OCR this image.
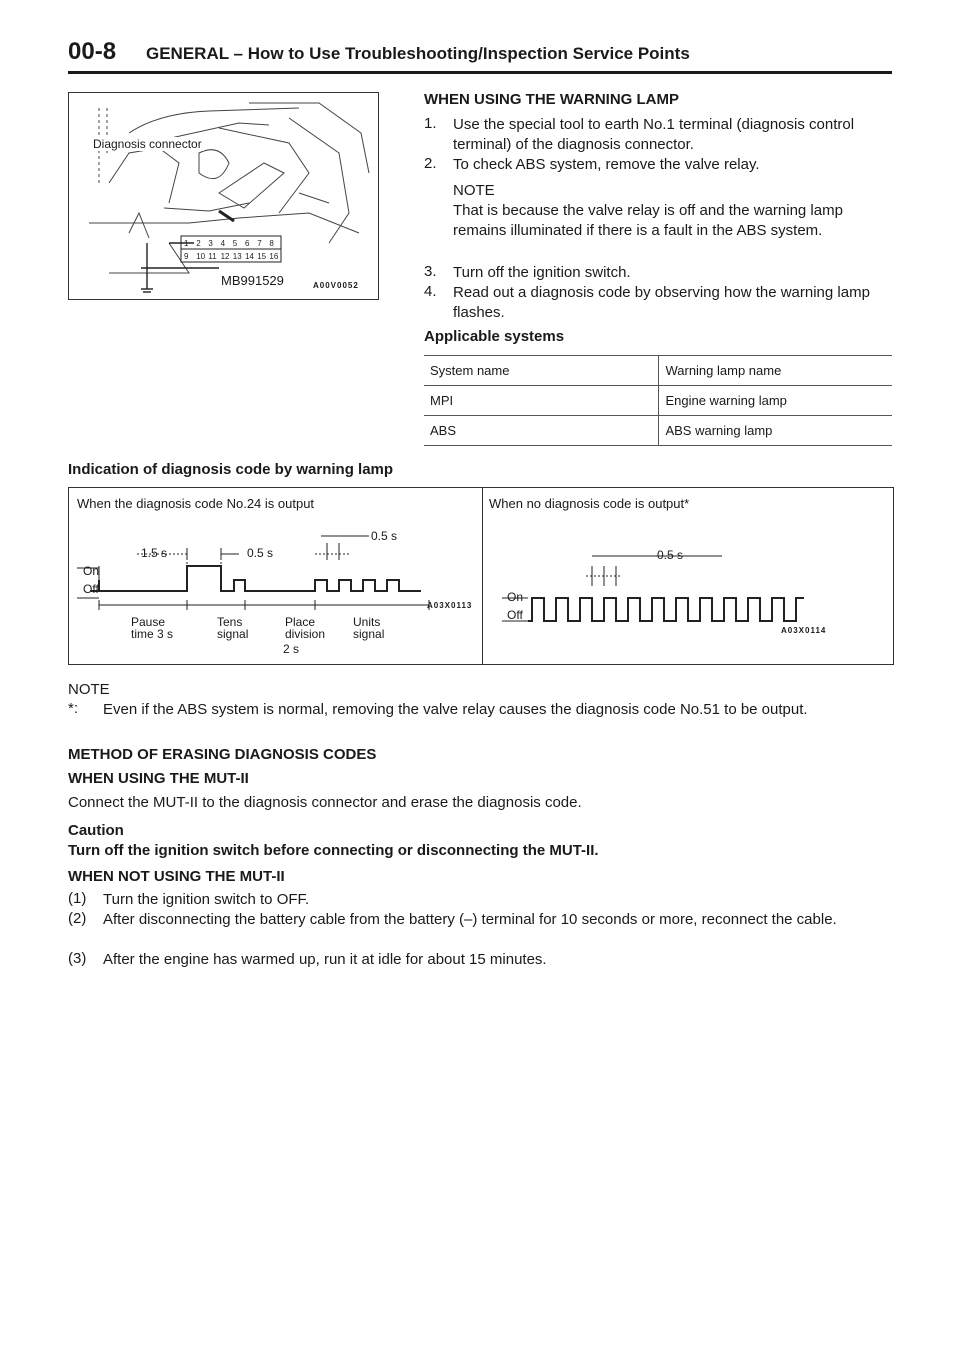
00-8 GENERAL – How to Use Troubleshooting/Inspection Service Points
1 2 3 4 5 6 7 8
9 10 11 12 13 14 15 16
Diagnosis connector
MB991529	A00V0052
WHEN USING THE WARNING LAMP
1. Use the special tool to earth No.1 terminal (diagnosis control terminal) of the diagnosis connector.
2. To check ABS system, remove the valve relay.
NOTE
That is because the valve relay is off and the warning lamp remains illuminated if there is a fault in the ABS system.
3. Turn off the ignition switch.
4. Read out a diagnosis code by observing how the warning lamp flashes.
Applicable systems
System name	Warning lamp name
MPI	Engine warning lamp
ABS	ABS warning lamp
Indication of diagnosis code by warning lamp
When the diagnosis code No.24 is output
On
Off
1.5 s	0.5 s
0.5 s
Pause
time 3 s
Tens
signal
Place
division
2 s
Units
signal
A03X0113
When no diagnosis code is output*
On
Off
0.5 s
A03X0114
NOTE
*: Even if the ABS system is normal, removing the valve relay causes the diagnosis code No.51 to be output.
METHOD OF ERASING DIAGNOSIS CODES
WHEN USING THE MUT-II
Connect the MUT-II to the diagnosis connector and erase the diagnosis code.
Caution
Turn off the ignition switch before connecting or disconnecting the MUT-II.
WHEN NOT USING THE MUT-II
(1) Turn the ignition switch to OFF.
(2) After disconnecting the battery cable from the battery (–) terminal for 10 seconds or more, reconnect the cable.
(3) After the engine has warmed up, run it at idle for about 15 minutes.
